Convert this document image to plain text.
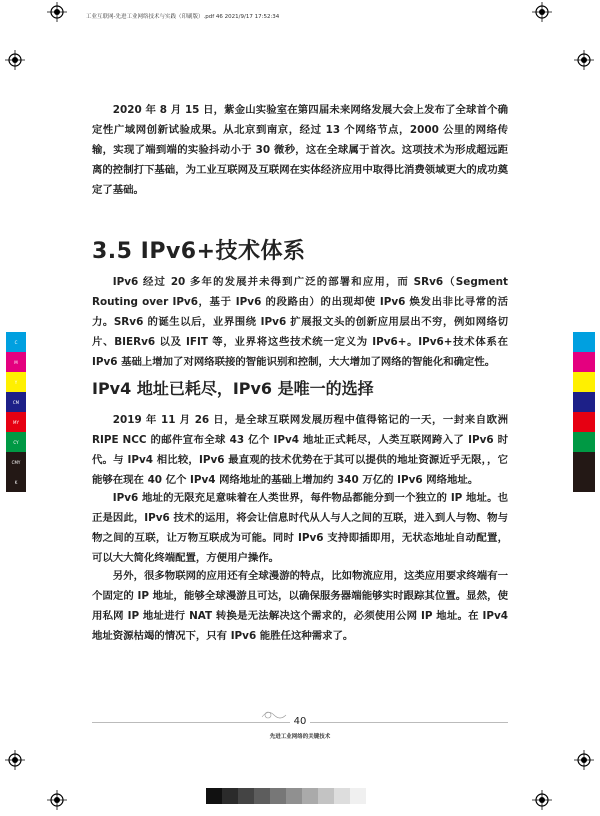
工业互联网-先进工业网络技术与实践（印刷版）.pdf 46 2021/9/17 17:52:34

2020 年 8 月 15 日，紫金山实验室在第四届未来网络发展大会上发布了全球首个确定性广域网创新试验成果。从北京到南京，经过 13 个网络节点，2000 公里的网络传输，实现了端到端的实验抖动小于 30 微秒，这在全球属于首次。这项技术为形成超远距离的控制打下基础，为工业互联网及互联网在实体经济应用中取得比消费领域更大的成功奠定了基础。

3.5 IPv6+技术体系

IPv6 经过 20 多年的发展并未得到广泛的部署和应用，而 SRv6（Segment Routing over IPv6，基于 IPv6 的段路由）的出现却使 IPv6 焕发出非比寻常的活力。SRv6 的诞生以后，业界围绕 IPv6 扩展报文头的创新应用层出不穷，例如网络切片、BIERv6 以及 IFIT 等，业界将这些技术统一定义为 IPv6+。IPv6+技术体系在 IPv6 基础上增加了对网络联接的智能识别和控制，大大增加了网络的智能化和确定性。

IPv4 地址已耗尽，IPv6 是唯一的选择

2019 年 11 月 26 日，是全球互联网发展历程中值得铭记的一天，一封来自欧洲 RIPE NCC 的邮件宣布全球 43 亿个 IPv4 地址正式耗尽，人类互联网跨入了 IPv6 时代。与 IPv4 相比较，IPv6 最直观的技术优势在于其可以提供的地址资源近乎无限，，它能够在现在 40 亿个 IPv4 网络地址的基础上增加约 340 万亿的 IPv6 网络地址。

IPv6 地址的无限充足意味着在人类世界，每件物品都能分到一个独立的 IP 地址。也正是因此，IPv6 技术的运用，将会让信息时代从人与人之间的互联，进入到人与物、物与物之间的互联，让万物互联成为可能。同时 IPv6 支持即插即用，无状态地址自动配置，可以大大简化终端配置，方便用户操作。

另外，很多物联网的应用还有全球漫游的特点，比如物流应用，这类应用要求终端有一个固定的 IP 地址，能够全球漫游且可达，以确保服务器端能够实时跟踪其位置。显然，使用私网 IP 地址进行 NAT 转换是无法解决这个需求的，必须使用公网 IP 地址。在 IPv4 地址资源枯竭的情况下，只有 IPv6 能胜任这种需求了。

C
M
Y
CM
MY
CY
CMY
K
40
先进工业网络的关键技术
